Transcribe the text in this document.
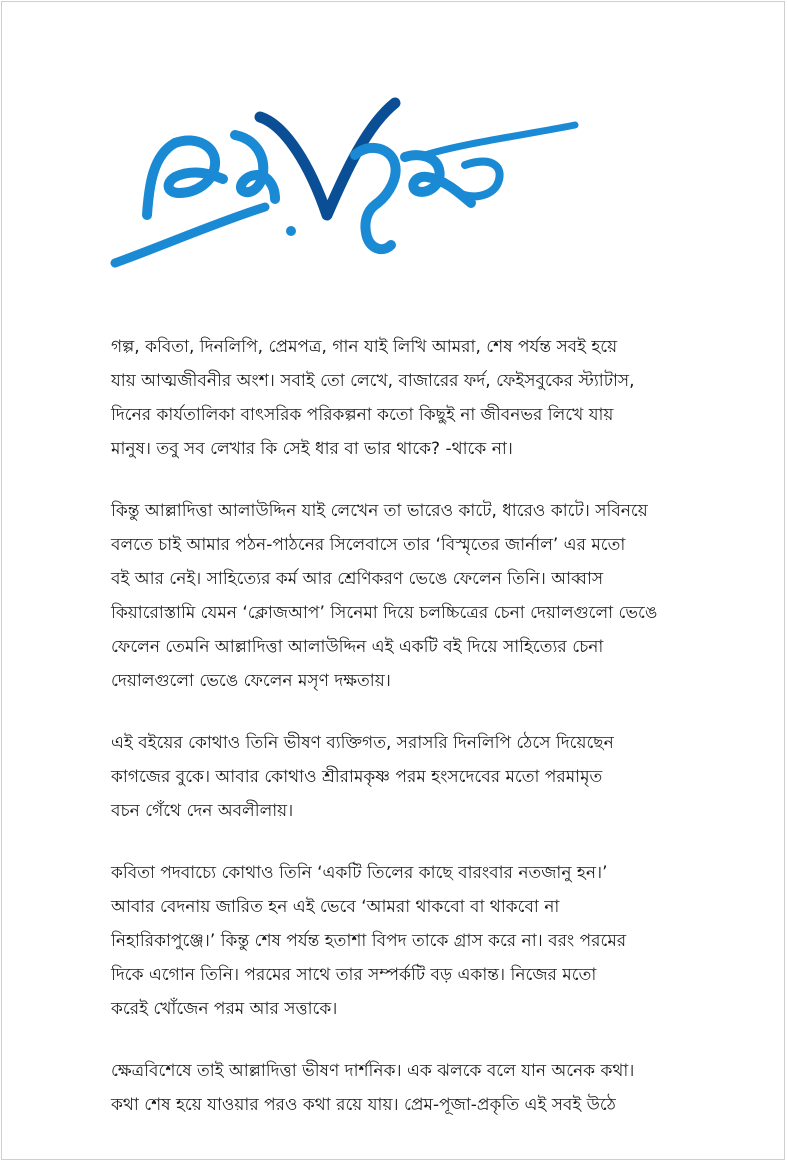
গল্প, কবিতা, দিনলিপি, প্রেমপত্র, গান যাই লিখি আমরা, শেষ পর্যন্ত সবই হয়ে
যায় আত্মজীবনীর অংশ। সবাই তো লেখে, বাজারের ফর্দ, ফেইসবুকের স্ট্যাটাস,
দিনের কার্যতালিকা বাৎসরিক পরিকল্পনা কতো কিছুই না জীবনভর লিখে যায়
মানুষ। তবু সব লেখার কি সেই ধার বা ভার থাকে? -থাকে না।
কিন্তু আল্লাদিত্তা আলাউদ্দিন যাই লেখেন তা ভারেও কাটে, ধারেও কাটে। সবিনয়ে
বলতে চাই আমার পঠন-পাঠনের সিলেবাসে তার ‘বিস্মৃতের জার্নাল’ এর মতো
বই আর নেই। সাহিত্যের কর্ম আর শ্রেণিকরণ ভেঙে ফেলেন তিনি। আব্বাস
কিয়ারোস্তামি যেমন ‘ক্লোজআপ’ সিনেমা দিয়ে চলচ্চিত্রের চেনা দেয়ালগুলো ভেঙে
ফেলেন তেমনি আল্লাদিত্তা আলাউদ্দিন এই একটি বই দিয়ে সাহিত্যের চেনা
দেয়ালগুলো ভেঙে ফেলেন মসৃণ দক্ষতায়।
এই বইয়ের কোথাও তিনি ভীষণ ব্যক্তিগত, সরাসরি দিনলিপি ঠেসে দিয়েছেন
কাগজের বুকে। আবার কোথাও শ্রীরামকৃষ্ণ পরম হংসদেবের মতো পরমামৃত
বচন গেঁথে দেন অবলীলায়।
কবিতা পদবাচ্যে কোথাও তিনি ‘একটি তিলের কাছে বারংবার নতজানু হন।’
আবার বেদনায় জারিত হন এই ভেবে ‘আমরা থাকবো বা থাকবো না
নিহারিকাপুঞ্জে।’ কিন্তু শেষ পর্যন্ত হতাশা বিপদ তাকে গ্রাস করে না। বরং পরমের
দিকে এগোন তিনি। পরমের সাথে তার সম্পর্কটি বড় একান্ত। নিজের মতো
করেই খোঁজেন পরম আর সত্তাকে।
ক্ষেত্রবিশেষে তাই আল্লাদিত্তা ভীষণ দার্শনিক। এক ঝলকে বলে যান অনেক কথা।
কথা শেষ হয়ে যাওয়ার পরও কথা রয়ে যায়। প্রেম-পূজা-প্রকৃতি এই সবই উঠে
